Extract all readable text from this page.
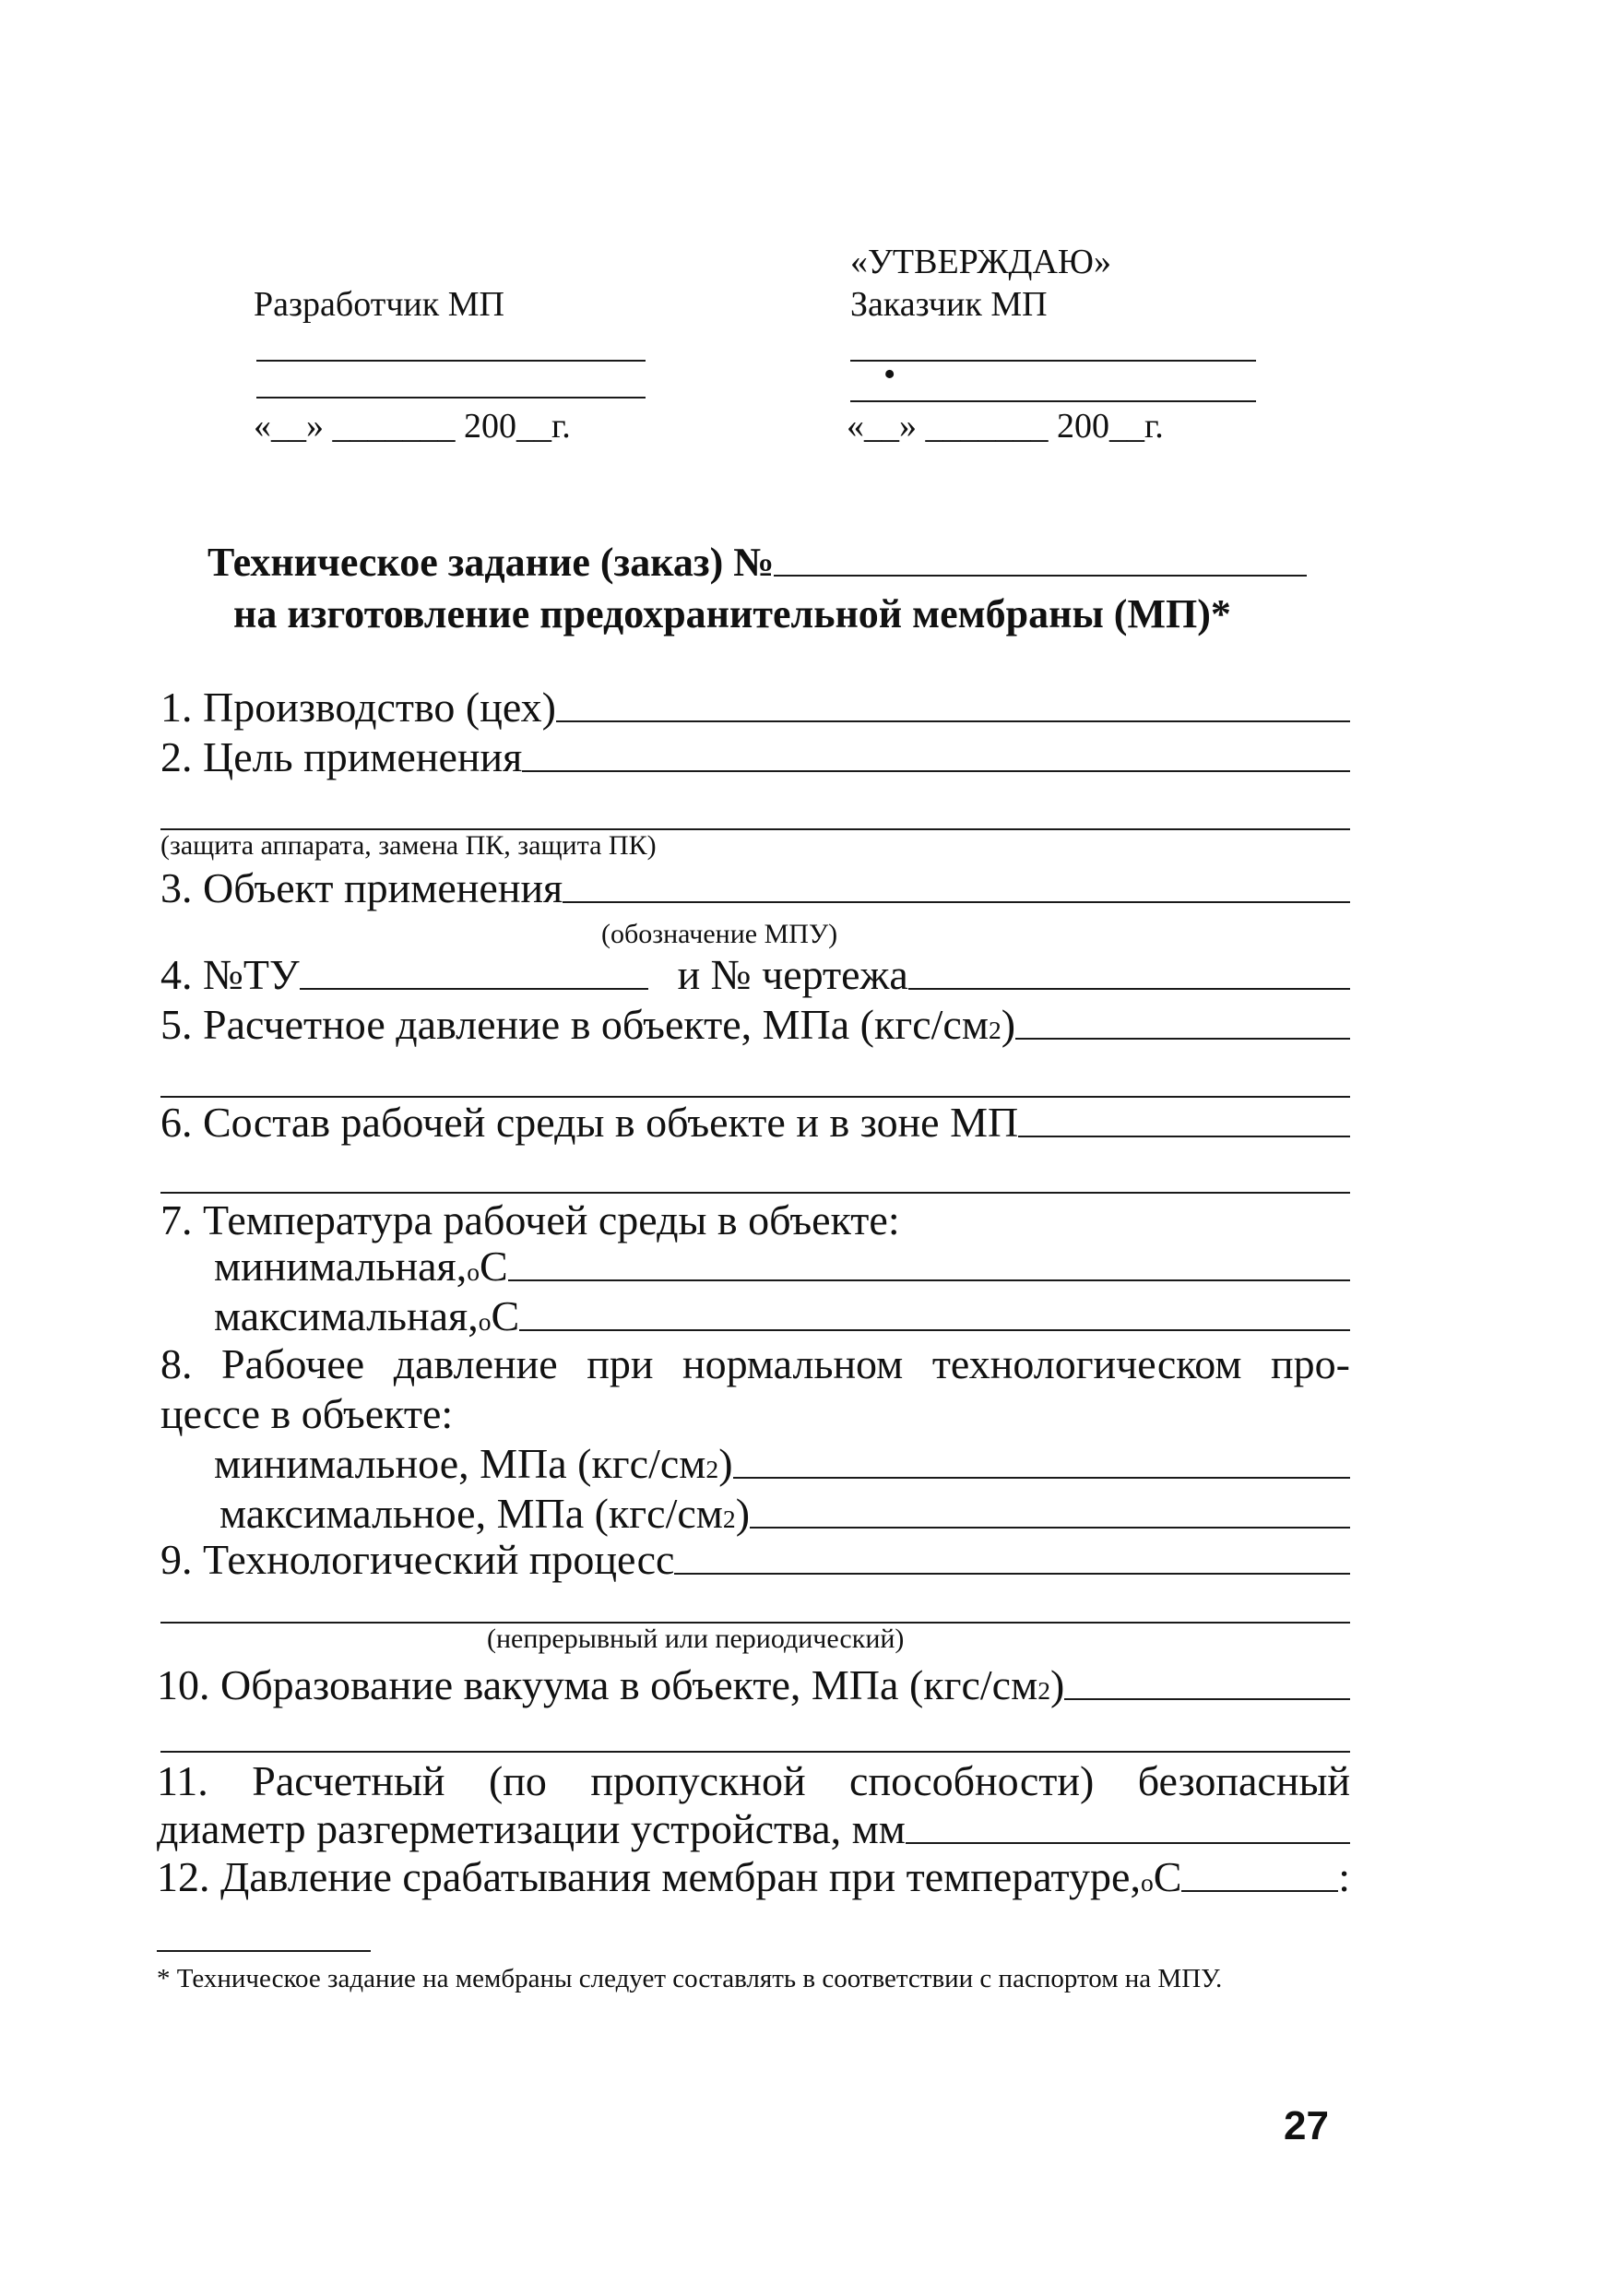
Разработчик МП
«__» _______ 200__г.
«УТВЕРЖДАЮ»
Заказчик МП
•
«__» _______ 200__г.
Техническое задание (заказ) №
на изготовление предохранительной мембраны (МП)*
1. Производство (цех)
2. Цель применения
(защита аппарата, замена ПК, защита ПК)
3. Объект применения
(обозначение МПУ)
4. №ТУ	и № чертежа
5. Расчетное давление в объекте, МПа (кгс/см 2 )
6. Состав рабочей среды в объекте и в зоне МП
7. Температура рабочей среды в объекте:
минимальная, o С
максимальная, o С
8. Рабочее давление при нормальном технологическом про-
цессе в объекте:
минимальное, МПа (кгс/см 2 )
максимальное, МПа (кгс/см 2 )
9. Технологический процесс
(непрерывный или периодический)
10. Образование вакуума в объекте, МПа (кгс/см 2 )
11. Расчетный (по пропускной способности) безопасный
диаметр разгерметизации устройства, мм
12. Давление срабатывания мембран при температуре, o С	:
* Техническое задание на мембраны следует составлять в соответствии с паспортом на МПУ.
27
